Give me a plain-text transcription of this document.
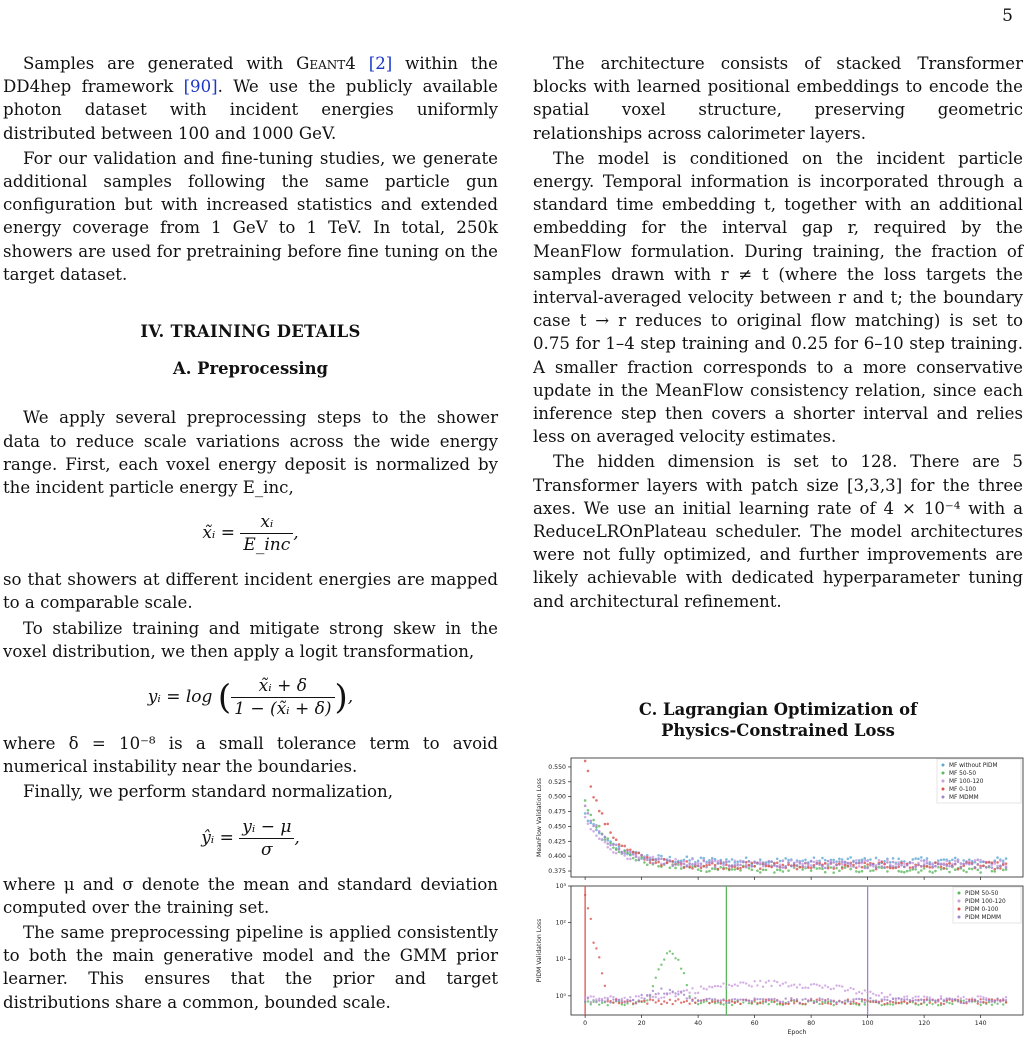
5

Samples are generated with Geant4 [2] within the DD4hep framework [90]. We use the publicly available photon dataset with incident energies uniformly distributed between 100 and 1000 GeV.

For our validation and fine-tuning studies, we generate additional samples following the same particle gun configuration but with increased statistics and extended energy coverage from 1 GeV to 1 TeV. In total, 250k showers are used for pretraining before fine tuning on the target dataset.

IV. TRAINING DETAILS
A. Preprocessing

We apply several preprocessing steps to the shower data to reduce scale variations across the wide energy range. First, each voxel energy deposit is normalized by the incident particle energy E_inc,

x̃ᵢ = $\frac{\text{xᵢ}}{\text{E\_inc}}$ ,

so that showers at different incident energies are mapped to a comparable scale.

To stabilize training and mitigate strong skew in the voxel distribution, we then apply a logit transformation,

yᵢ = log ( $\frac{\text{x̃ᵢ + δ}}{\text{1 − (x̃ᵢ + δ)}}$ ),

where δ = 10⁻⁸ is a small tolerance term to avoid numerical instability near the boundaries.

Finally, we perform standard normalization,

ŷᵢ = $\frac{\text{yᵢ − μ}}{\sigma}$ ,

where μ and σ denote the mean and standard deviation computed over the training set.

The same preprocessing pipeline is applied consistently to both the main generative model and the GMM prior learner. This ensures that the prior and target distributions share a common, bounded scale.

The architecture consists of stacked Transformer blocks with learned positional embeddings to encode the spatial voxel structure, preserving geometric relationships across calorimeter layers.

The model is conditioned on the incident particle energy. Temporal information is incorporated through a standard time embedding t, together with an additional embedding for the interval gap r, required by the MeanFlow formulation. During training, the fraction of samples drawn with r ≠ t (where the loss targets the interval-averaged velocity between r and t; the boundary case t → r reduces to original flow matching) is set to 0.75 for 1–4 step training and 0.25 for 6–10 step training. A smaller fraction corresponds to a more conservative update in the MeanFlow consistency relation, since each inference step then covers a shorter interval and relies less on averaged velocity estimates.

The hidden dimension is set to 128. There are 5 Transformer layers with patch size [3,3,3] for the three axes. We use an initial learning rate of 4 × 10⁻⁴ with a ReduceLROnPlateau scheduler. The model architectures were not fully optimized, and further improvements are likely achievable with dedicated hyperparameter tuning and architectural refinement.

C. Lagrangian Optimization of
Physics-Constrained Loss
0.375
0.400
0.425
0.450
0.475
0.500
0.525
0.550
MeanFlow Validation Loss
MF without PIDM
MF 50-50
MF 100-120
MF 0-100
MF MDMM
10⁰
10¹
10²
10³
0	20	40	60	80	100	120	140
Epoch
PIDM Validation Loss
PIDM 50-50
PIDM 100-120
PIDM 0-100
PIDM MDMM
